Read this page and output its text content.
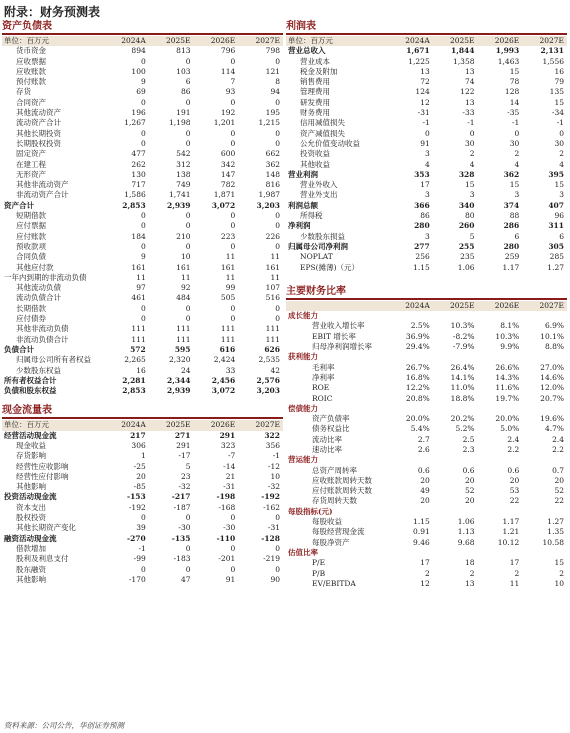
附录：财务预测表
资产负债表
单位：百万元	2024A	2025E	2026E	2027E
货币资金	894	813	796	798
应收票据	0	0	0	0
应收账款	100	103	114	121
预付账款	9	6	7	8
存货	69	86	93	94
合同资产	0	0	0	0
其他流动资产	196	191	192	195
流动资产合计	1,267	1,198	1,201	1,215
其他长期投资	0	0	0	0
长期股权投资	0	0	0	0
固定资产	477	542	600	662
在建工程	262	312	342	362
无形资产	130	138	147	148
其他非流动资产	717	749	782	816
非流动资产合计	1,586	1,741	1,871	1,987
资产合计	2,853	2,939	3,072	3,203
短期借款	0	0	0	0
应付票据	0	0	0	0
应付账款	184	210	223	226
预收款项	0	0	0	0
合同负债	9	10	11	11
其他应付款	161	161	161	161
一年内到期的非流动负债	11	11	11	11
其他流动负债	97	92	99	107
流动负债合计	461	484	505	516
长期借款	0	0	0	0
应付债券	0	0	0	0
其他非流动负债	111	111	111	111
非流动负债合计	111	111	111	111
负债合计	572	595	616	626
归属母公司所有者权益	2,265	2,320	2,424	2,535
少数股东权益	16	24	33	42
所有者权益合计	2,281	2,344	2,456	2,576
负债和股东权益	2,853	2,939	3,072	3,203
现金流量表
单位：百万元	2024A	2025E	2026E	2027E
经营活动现金流	217	271	291	322
现金收益	306	291	323	356
存货影响	1	-17	-7	-1
经营性应收影响	-25	5	-14	-12
经营性应付影响	20	23	21	10
其他影响	-85	-32	-31	-32
投资活动现金流	-153	-217	-198	-192
资本支出	-192	-187	-168	-162
股权投资	0	0	0	0
其他长期资产变化	39	-30	-30	-31
融资活动现金流	-270	-135	-110	-128
借款增加	-1	0	0	0
股利及利息支付	-99	-183	-201	-219
股东融资	0	0	0	0
其他影响	-170	47	91	90
利润表
单位：百万元	2024A	2025E	2026E	2027E
营业总收入	1,671	1,844	1,993	2,131
营业成本	1,225	1,358	1,463	1,556
税金及附加	13	13	15	16
销售费用	72	74	78	79
管理费用	124	122	128	135
研发费用	12	13	14	15
财务费用	-31	-33	-35	-34
信用减值损失	-1	-1	-1	-1
资产减值损失	0	0	0	0
公允价值变动收益	91	30	30	30
投资收益	3	2	2	2
其他收益	4	4	4	4
营业利润	353	328	362	395
营业外收入	17	15	15	15
营业外支出	3	3	3	3
利润总额	366	340	374	407
所得税	86	80	88	96
净利润	280	260	286	311
少数股东损益	3	5	6	6
归属母公司净利润	277	255	280	305
NOPLAT	256	235	259	285
EPS(摊薄)（元）	1.15	1.06	1.17	1.27
主要财务比率
	2024A	2025E	2026E	2027E
成长能力				
营业收入增长率	2.5%	10.3%	8.1%	6.9%
EBIT 增长率	36.9%	-8.2%	10.3%	10.1%
归母净利润增长率	29.4%	-7.9%	9.9%	8.8%
获利能力				
毛利率	26.7%	26.4%	26.6%	27.0%
净利率	16.8%	14.1%	14.3%	14.6%
ROE	12.2%	11.0%	11.6%	12.0%
ROIC	20.8%	18.8%	19.7%	20.7%
偿债能力				
资产负债率	20.0%	20.2%	20.0%	19.6%
债务权益比	5.4%	5.2%	5.0%	4.7%
流动比率	2.7	2.5	2.4	2.4
速动比率	2.6	2.3	2.2	2.2
营运能力				
总资产周转率	0.6	0.6	0.6	0.7
应收账款周转天数	20	20	20	20
应付账款周转天数	49	52	53	52
存货周转天数	20	20	22	22
每股指标(元)				
每股收益	1.15	1.06	1.17	1.27
每股经营现金流	0.91	1.13	1.21	1.35
每股净资产	9.46	9.68	10.12	10.58
估值比率				
P/E	17	18	17	15
P/B	2	2	2	2
EV/EBITDA	12	13	11	10
资料来源：公司公告，华创证券预测
